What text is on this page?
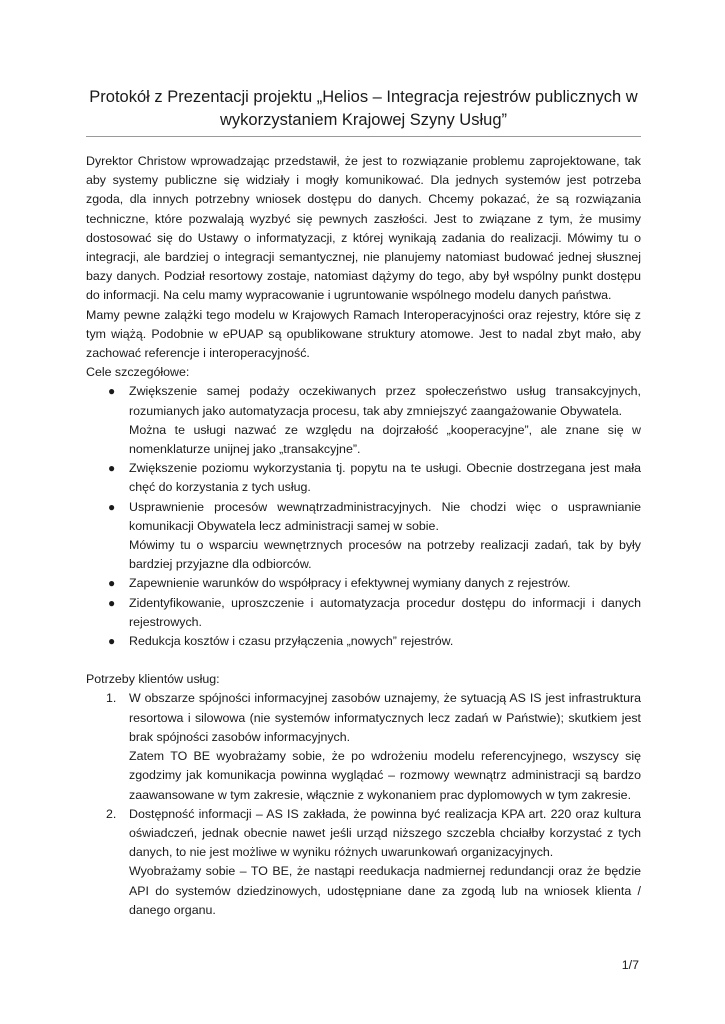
Protokół z Prezentacji projektu „Helios – Integracja rejestrów publicznych w wykorzystaniem Krajowej Szyny Usług”

Dyrektor Christow wprowadzając przedstawił, że jest to rozwiązanie problemu zaprojektowane, tak aby systemy publiczne się widziały i mogły komunikować. Dla jednych systemów jest potrzeba zgoda, dla innych potrzebny wniosek dostępu do danych. Chcemy pokazać, że są rozwiązania techniczne, które pozwalają wyzbyć się pewnych zaszłości. Jest to związane z tym, że musimy dostosować się do Ustawy o informatyzacji, z której wynikają zadania do realizacji. Mówimy tu o integracji, ale bardziej o integracji semantycznej, nie planujemy natomiast budować jednej słusznej bazy danych. Podział resortowy zostaje, natomiast dążymy do tego, aby był wspólny punkt dostępu do informacji. Na celu mamy wypracowanie i ugruntowanie wspólnego modelu danych państwa.

Mamy pewne zalążki tego modelu w Krajowych Ramach Interoperacyjności oraz rejestry, które się z tym wiążą. Podobnie w ePUAP są opublikowane struktury atomowe. Jest to nadal zbyt mało, aby zachować referencje i interoperacyjność.

Cele szczegółowe:

● Zwiększenie samej podaży oczekiwanych przez społeczeństwo usług transakcyjnych, rozumianych jako automatyzacja procesu, tak aby zmniejszyć zaangażowanie Obywatela.
Można te usługi nazwać ze względu na dojrzałość „kooperacyjne”, ale znane się w nomenklaturze unijnej jako „transakcyjne”.
● Zwiększenie poziomu wykorzystania tj. popytu na te usługi. Obecnie dostrzegana jest mała chęć do korzystania z tych usług.
● Usprawnienie procesów wewnątrzadministracyjnych. Nie chodzi więc o usprawnianie komunikacji Obywatela lecz administracji samej w sobie.
Mówimy tu o wsparciu wewnętrznych procesów na potrzeby realizacji zadań, tak by były bardziej przyjazne dla odbiorców.
● Zapewnienie warunków do współpracy i efektywnej wymiany danych z rejestrów.
● Zidentyfikowanie, uproszczenie i automatyzacja procedur dostępu do informacji i danych rejestrowych.
● Redukcja kosztów i czasu przyłączenia „nowych” rejestrów.

Potrzeby klientów usług:

1. W obszarze spójności informacyjnej zasobów uznajemy, że sytuacją AS IS jest infrastruktura resortowa i silowowa (nie systemów informatycznych lecz zadań w Państwie); skutkiem jest brak spójności zasobów informacyjnych.
Zatem TO BE wyobrażamy sobie, że po wdrożeniu modelu referencyjnego, wszyscy się zgodzimy jak komunikacja powinna wyglądać – rozmowy wewnątrz administracji są bardzo zaawansowane w tym zakresie, włącznie z wykonaniem prac dyplomowych w tym zakresie.
2. Dostępność informacji – AS IS zakłada, że powinna być realizacja KPA art. 220 oraz kultura oświadczeń, jednak obecnie nawet jeśli urząd niższego szczebla chciałby korzystać z tych danych, to nie jest możliwe w wyniku różnych uwarunkowań organizacyjnych.
Wyobrażamy sobie – TO BE, że nastąpi reedukacja nadmiernej redundancji oraz że będzie API do systemów dziedzinowych, udostępniane dane za zgodą lub na wniosek klienta / danego organu.
1/7
